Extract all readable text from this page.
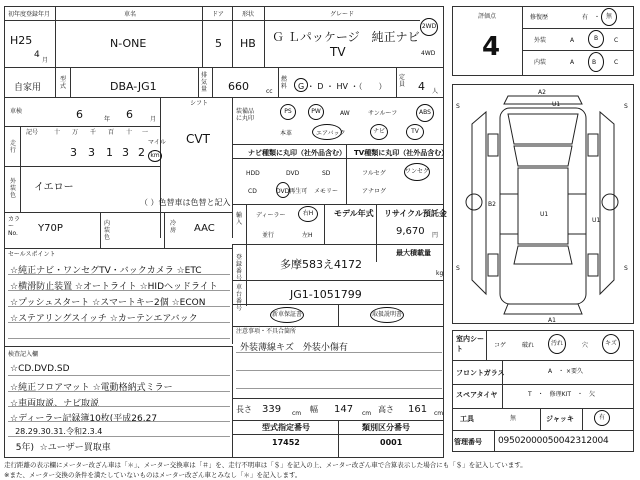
初年度登録年月
H25
4
月
車名
N-ONE
ドア
5
形状
HB
グレード
Ｇ Ｌパッケージ　純正ナビ
TV
2WD
4WD
自家用
型式	DBA-JG1
排気量	660	cc
燃料 G ・ D ・ HV ・（　　）
定員 4 人
車検	6	年 6	月
シフト
CVT
走行
記号	十 万 千 百 十 一
3 3 1 3 2
マイル
km
外装色
イエロー
（ ）色替車は色替と記入
カラー No. Y70P	内装色
冷房 AAC
装備品に丸印
PS	PW	AW	サンルーフ	ABS
本革	エアバック	ナビ	TV
ナビ種類に丸印（社外品含む） TV種類に丸印（社外品含む）
HDD	DVD	SD
CD	DVD再生可 メモリー
フルセグ	ワンセグ
アナログ
輸入
ディーラー	右H
並行	左H
モデル年式 リサイクル預託金
9,670 円
最大積載量
kg
セールスポイント
☆純正ナビ・ワンセグTV・バックカメラ ☆ETC
☆横滑防止装置 ☆オートライト ☆HIDヘッドライト
☆プッシュスタート ☆スマートキー2個 ☆ECON
☆ステアリングスイッチ ☆カーテンエアバック
登録番号
多摩583え4172
車台番号
JG1-1051799
新車保証書	取扱説明書
注意事項・不具合箇所
外装薄線キズ　外装小傷有
検査記入欄
☆CD.DVD.SD
☆純正フロアマット ☆電動格納式ミラー
☆車両取説、ナビ取説
☆ディーラー記録簿10枚(平成26.27
28.29.30.31.令和2.3.4
5年)  ☆ユーザー買取車
長さ 339 cm 幅 147 cm 高さ 161 cm
型式指定番号	類別区分番号
17452	0001
評価点
4
修復歴	有 ・ 無
外装	A	B	C
内装	A	B	C
A2
U1
B2
U1
U1
A1
S	S
S	S
室内シート	コゲ	破れ	汚れ	穴	キズ
フロントガラス	A　・ ×要久
スペアタイヤ	T　・　修理KIT　・　欠
工具	無	ジャッキ	有
管理番号 09502000050042312004
走行距離の表示欄にメーター改ざん車は「＊」、メーター交換車は「＃」を、走行不明車は「＄」を記入の上、メーター改ざん車で合算表示した場合にも「＄」を記入しています。
※また、メーター交換の条件を満たしていないものはメーター改ざん車とみなし「＊」を記入します。
